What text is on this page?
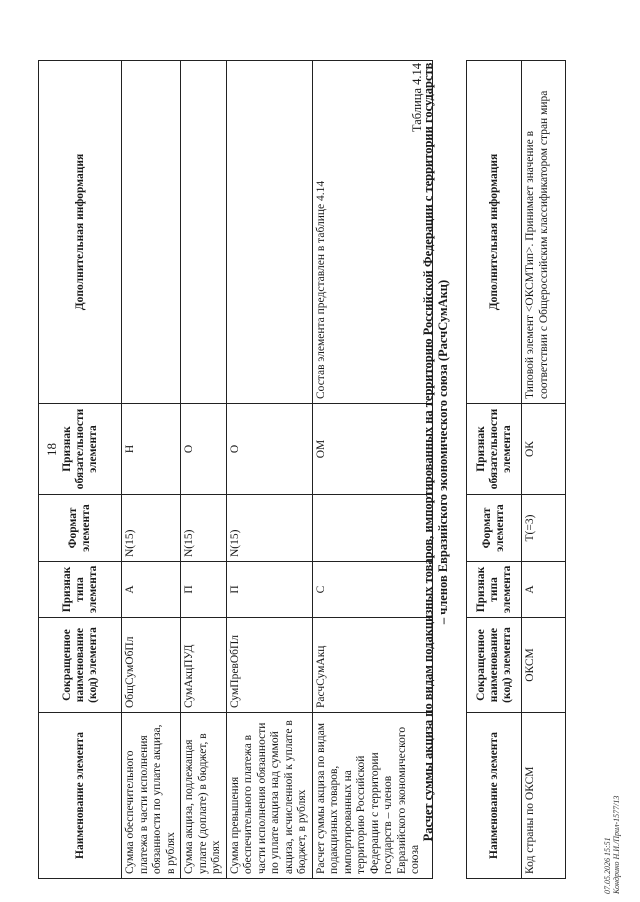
18
Наименование элемента	Сокращенное наименование (код) элемента	Признак типа элемента	Формат элемента	Признак обязательности элемента	Дополнительная информация
Сумма обеспечительного платежа в части исполнения обязанности по уплате акциза, в рублях	ОбщСумОбПл	А	N(15)	Н	
Сумма акциза, подлежащая уплате (доплате) в бюджет, в рублях	СумАкцПУД	П	N(15)	О	
Сумма превышения обеспечительного платежа в части исполнения обязанности по уплате акциза над суммой акциза, исчисленной к уплате в бюджет, в рублях	СумПревОбПл	П	N(15)	О	
Расчет суммы акциза по видам подакцизных товаров, импортированных на территорию Российской Федерации с территории государств – членов Евразийского экономического союза	РасчСумАкц	С		ОМ	Состав элемента представлен в таблице 4.14
Таблица 4.14
Расчет суммы акциза по видам подакцизных товаров, импортированных на территорию Российской Федерации с территории государств – членов Евразийского экономического союза (РасчСумАкц)
Наименование элемента	Сокращенное наименование (код) элемента	Признак типа элемента	Формат элемента	Признак обязательности элемента	Дополнительная информация
Код страны по ОКСМ	ОКСМ	А	T(=3)	ОК	Типовой элемент <ОКСМТип>. Принимает значение в соответствии с Общероссийским классификатором стран мира
07.05.2026 15:51 Кондрико Н.И./Прил-1577/13
